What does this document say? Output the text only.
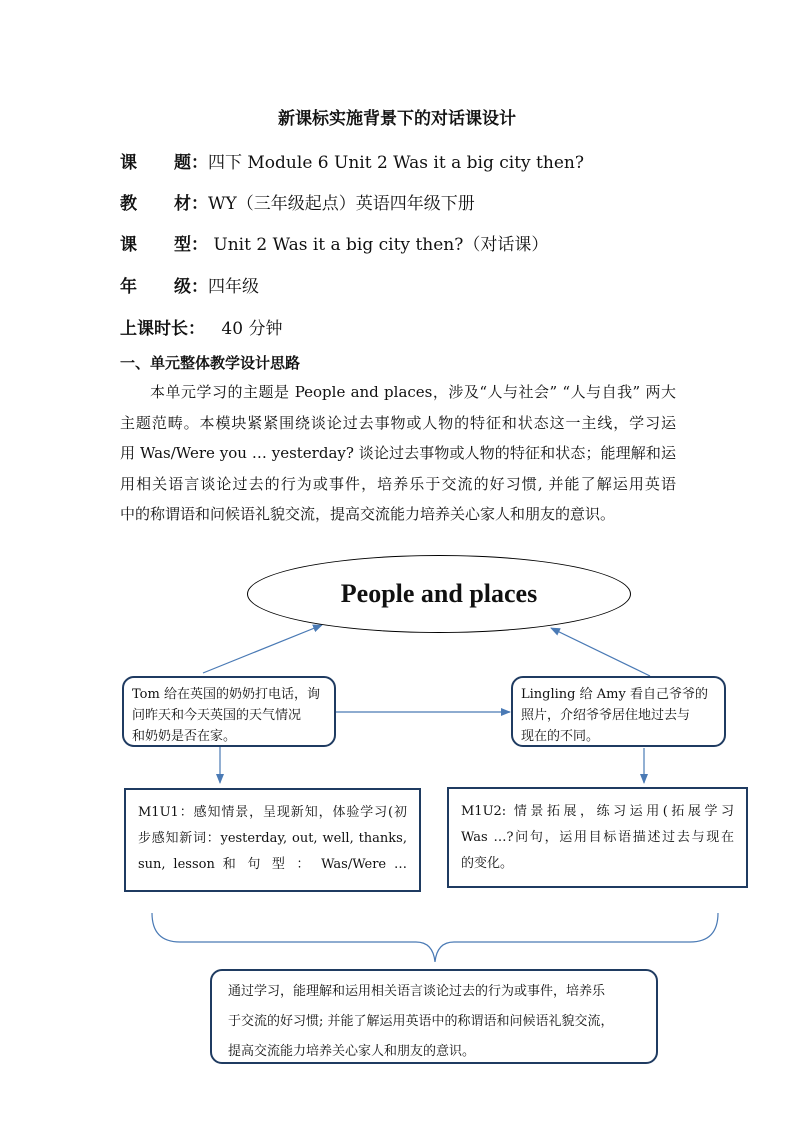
新课标实施背景下的对话课设计
课 题：四下 Module 6 Unit 2 Was it a big city then?
教 材：WY（三年级起点）英语四年级下册
课 型： Unit 2 Was it a big city then?（对话课）
年 级：四年级
上课时长： 40 分钟
一、单元整体教学设计思路

本单元学习的主题是 People and places，涉及“人与社会” “人与自我” 两大

主题范畴。本模块紧紧围绕谈论过去事物或人物的特征和状态这一主线，学习运

用 Was/Were you … yesterday? 谈论过去事物或人物的特征和状态；能理解和运

用相关语言谈论过去的行为或事件，培养乐于交流的好习惯, 并能了解运用英语

中的称谓语和问候语礼貌交流，提高交流能力培养关心家人和朋友的意识。

People and places
Tom 给在英国的奶奶打电话，询
问昨天和今天英国的天气情况
和奶奶是否在家。
Lingling 给 Amy 看自己爷爷的
照片，介绍爷爷居住地过去与
现在的不同。
M1U1：感知情景，呈现新知，体验学习(初
步感知新词：yesterday, out, well, thanks,
sun, lesson 和 句 型 ： Was/Were …
M1U2: 情景拓展，练习运用(拓展学习
Was …?问句，运用目标语描述过去与现在
的变化。
通过学习，能理解和运用相关语言谈论过去的行为或事件，培养乐
于交流的好习惯; 并能了解运用英语中的称谓语和问候语礼貌交流，
提高交流能力培养关心家人和朋友的意识。
